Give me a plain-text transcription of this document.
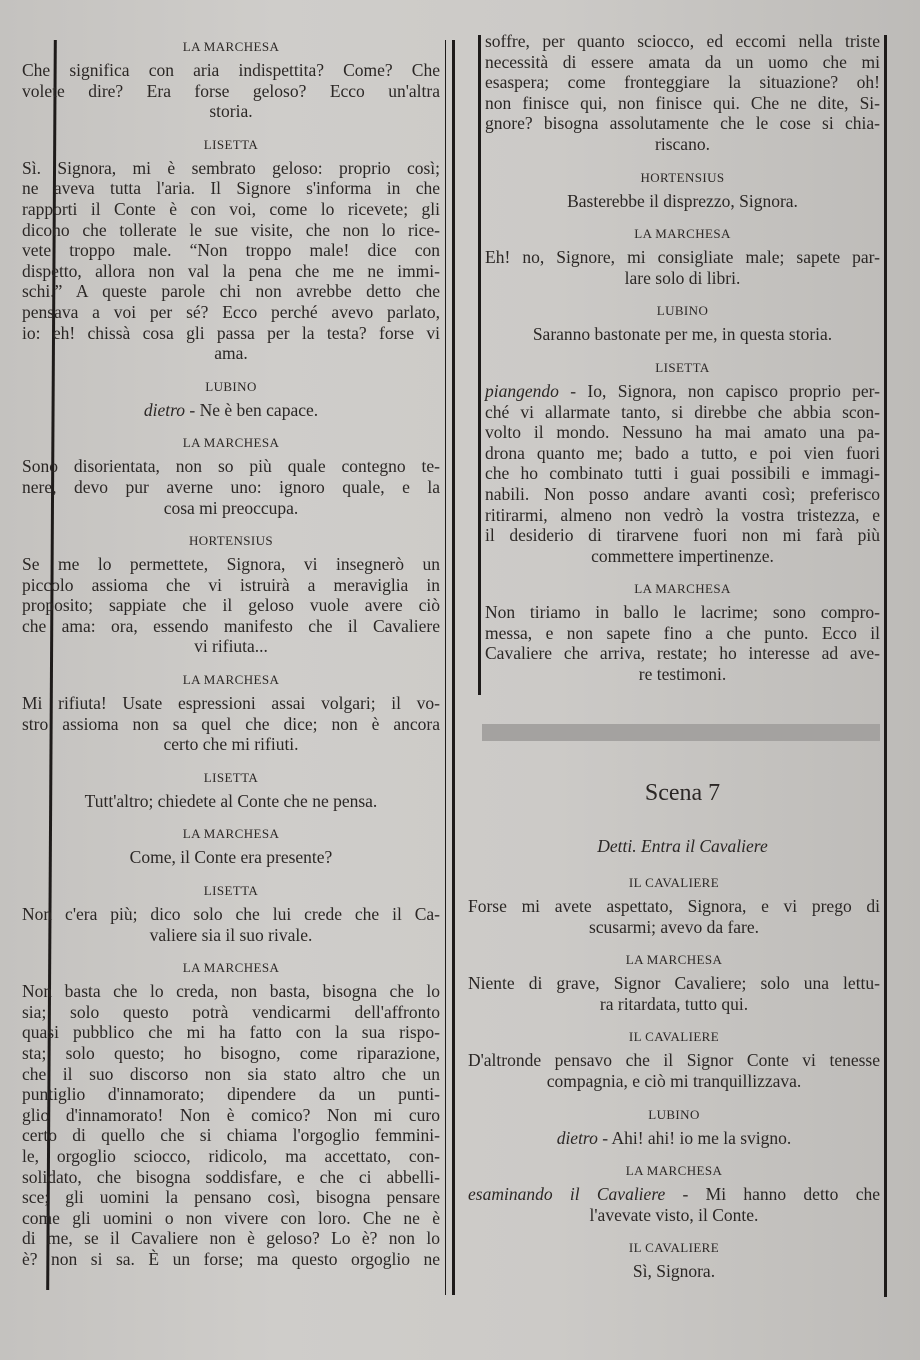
LA MARCHESA
Che significa con aria indispettita? Come? Che
volete dire? Era forse geloso? Ecco un'altra
storia.
LISETTA
Sì. Signora, mi è sembrato geloso: proprio così;
ne aveva tutta l'aria. Il Signore s'informa in che
rapporti il Conte è con voi, come lo ricevete; gli
dicono che tollerate le sue visite, che non lo rice-
vete troppo male. “Non troppo male! dice con
dispetto, allora non val la pena che me ne immi-
schi.” A queste parole chi non avrebbe detto che
pensava a voi per sé? Ecco perché avevo parlato,
io: eh! chissà cosa gli passa per la testa? forse vi
ama.
LUBINO
dietro - Ne è ben capace.
LA MARCHESA
Sono disorientata, non so più quale contegno te-
nere, devo pur averne uno: ignoro quale, e la
cosa mi preoccupa.
HORTENSIUS
Se me lo permettete, Signora, vi insegnerò un
piccolo assioma che vi istruirà a meraviglia in
proposito; sappiate che il geloso vuole avere ciò
che ama: ora, essendo manifesto che il Cavaliere
vi rifiuta...
LA MARCHESA
Mi rifiuta! Usate espressioni assai volgari; il vo-
stro assioma non sa quel che dice; non è ancora
certo che mi rifiuti.
LISETTA
Tutt'altro; chiedete al Conte che ne pensa.
LA MARCHESA
Come, il Conte era presente?
LISETTA
Non c'era più; dico solo che lui crede che il Ca-
valiere sia il suo rivale.
LA MARCHESA
Non basta che lo creda, non basta, bisogna che lo
sia; solo questo potrà vendicarmi dell'affronto
quasi pubblico che mi ha fatto con la sua rispo-
sta; solo questo; ho bisogno, come riparazione,
che il suo discorso non sia stato altro che un
puntiglio d'innamorato; dipendere da un punti-
glio d'innamorato! Non è comico? Non mi curo
certo di quello che si chiama l'orgoglio femmini-
le, orgoglio sciocco, ridicolo, ma accettato, con-
solidato, che bisogna soddisfare, e che ci abbelli-
sce; gli uomini la pensano così, bisogna pensare
come gli uomini o non vivere con loro. Che ne è
di me, se il Cavaliere non è geloso? Lo è? non lo
è? non si sa. È un forse; ma questo orgoglio ne
soffre, per quanto sciocco, ed eccomi nella triste
necessità di essere amata da un uomo che mi
esaspera; come fronteggiare la situazione? oh!
non finisce qui, non finisce qui. Che ne dite, Si-
gnore? bisogna assolutamente che le cose si chia-
riscano.
HORTENSIUS
Basterebbe il disprezzo, Signora.
LA MARCHESA
Eh! no, Signore, mi consigliate male; sapete par-
lare solo di libri.
LUBINO
Saranno bastonate per me, in questa storia.
LISETTA
piangendo - Io, Signora, non capisco proprio per-
ché vi allarmate tanto, si direbbe che abbia scon-
volto il mondo. Nessuno ha mai amato una pa-
drona quanto me; bado a tutto, e poi vien fuori
che ho combinato tutti i guai possibili e immagi-
nabili. Non posso andare avanti così; preferisco
ritirarmi, almeno non vedrò la vostra tristezza, e
il desiderio di tirarvene fuori non mi farà più
commettere impertinenze.
LA MARCHESA
Non tiriamo in ballo le lacrime; sono compro-
messa, e non sapete fino a che punto. Ecco il
Cavaliere che arriva, restate; ho interesse ad ave-
re testimoni.
Scena 7
Detti. Entra il Cavaliere
IL CAVALIERE
Forse mi avete aspettato, Signora, e vi prego di
scusarmi; avevo da fare.
LA MARCHESA
Niente di grave, Signor Cavaliere; solo una lettu-
ra ritardata, tutto qui.
IL CAVALIERE
D'altronde pensavo che il Signor Conte vi tenesse
compagnia, e ciò mi tranquillizzava.
LUBINO
dietro - Ahi! ahi! io me la svigno.
LA MARCHESA
esaminando il Cavaliere - Mi hanno detto che
l'avevate visto, il Conte.
IL CAVALIERE
Sì, Signora.
